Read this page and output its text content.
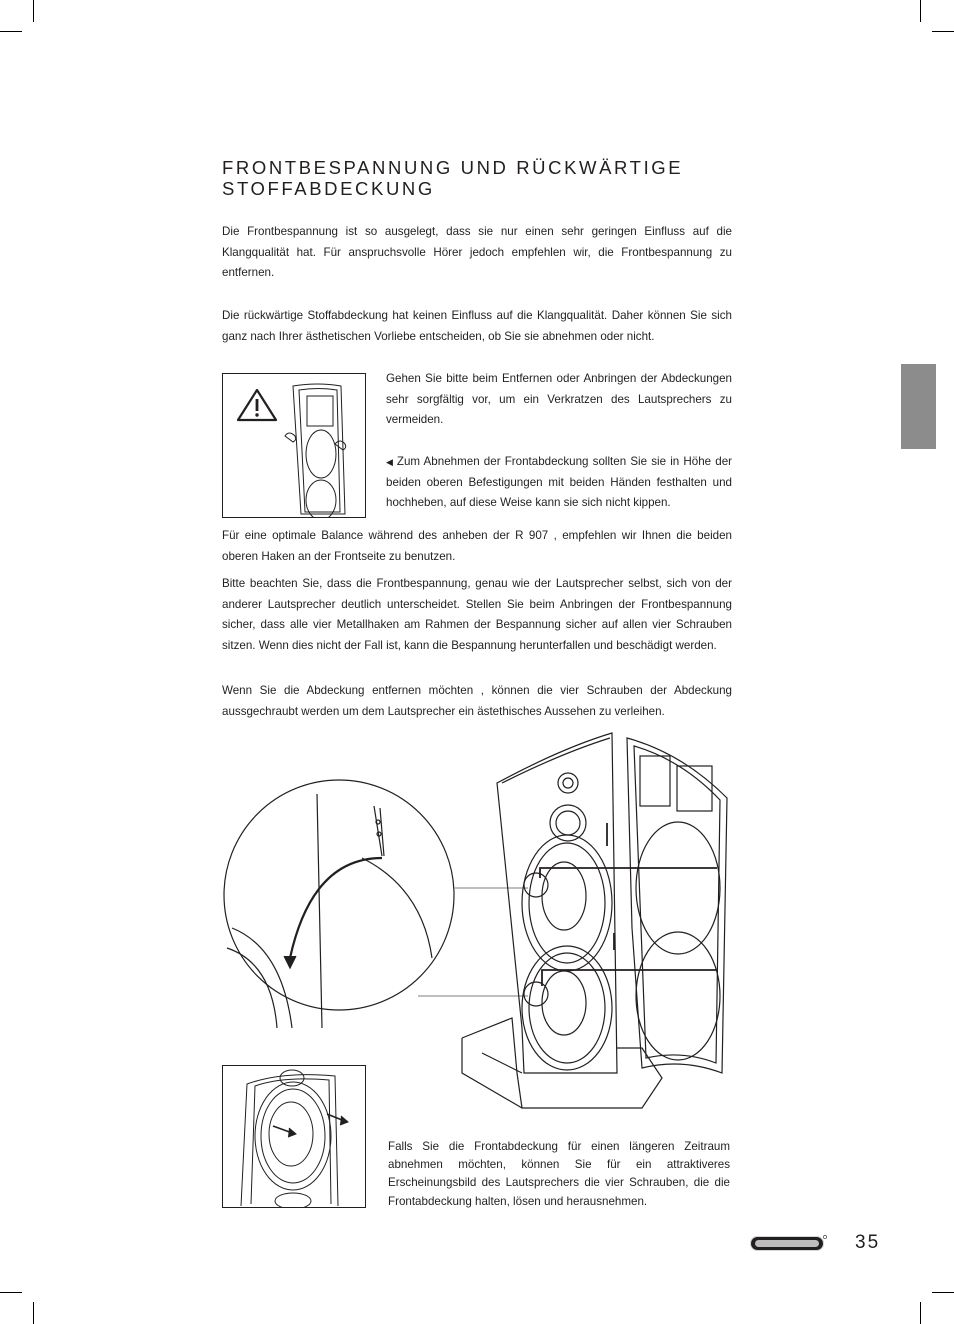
FRONTBESPANNUNG UND RÜCKWÄRTIGE
STOFFABDECKUNG

Die Frontbespannung ist so ausgelegt, dass sie nur einen sehr geringen Einfluss auf die Klangqualität hat. Für anspruchsvolle Hörer jedoch empfehlen wir, die Frontbespannung zu entfernen.

Die rückwärtige Stoffabdeckung hat keinen Einfluss auf die Klangqualität. Daher können Sie sich ganz nach Ihrer ästhetischen Vorliebe entscheiden, ob Sie sie abnehmen oder nicht.

Gehen Sie bitte beim Entfernen oder Anbringen der Abdeckungen sehr sorgfältig vor, um ein Verkratzen des Lautsprechers zu vermeiden.

◀ Zum Abnehmen der Frontabdeckung sollten Sie sie in Höhe der beiden oberen Befestigungen mit beiden Händen festhalten und hochheben, auf diese Weise kann sie sich nicht kippen.

Für eine optimale Balance während des anheben der R 907 , empfehlen wir Ihnen die beiden oberen Haken an der Frontseite zu benutzen.

Bitte beachten Sie, dass die Frontbespannung, genau wie der Lautsprecher selbst, sich von der anderer Lautsprecher deutlich unterscheidet. Stellen Sie beim Anbringen der Frontbespannung sicher, dass alle vier Metallhaken am Rahmen der Bespannung sicher auf allen vier Schrauben sitzen. Wenn dies nicht der Fall ist, kann die Bespannung herunterfallen und beschädigt werden.

Wenn Sie die Abdeckung entfernen möchten , können die vier Schrauben der Abdeckung aussgechraubt werden um dem Lautsprecher ein ästethisches Aussehen zu verleihen.

Falls Sie die Frontabdeckung für einen längeren Zeitraum abnehmen möchten, können Sie für ein attraktiveres Erscheinungsbild des Lautsprechers die vier Schrauben, die die Frontabdeckung halten, lösen und herausnehmen.

35
